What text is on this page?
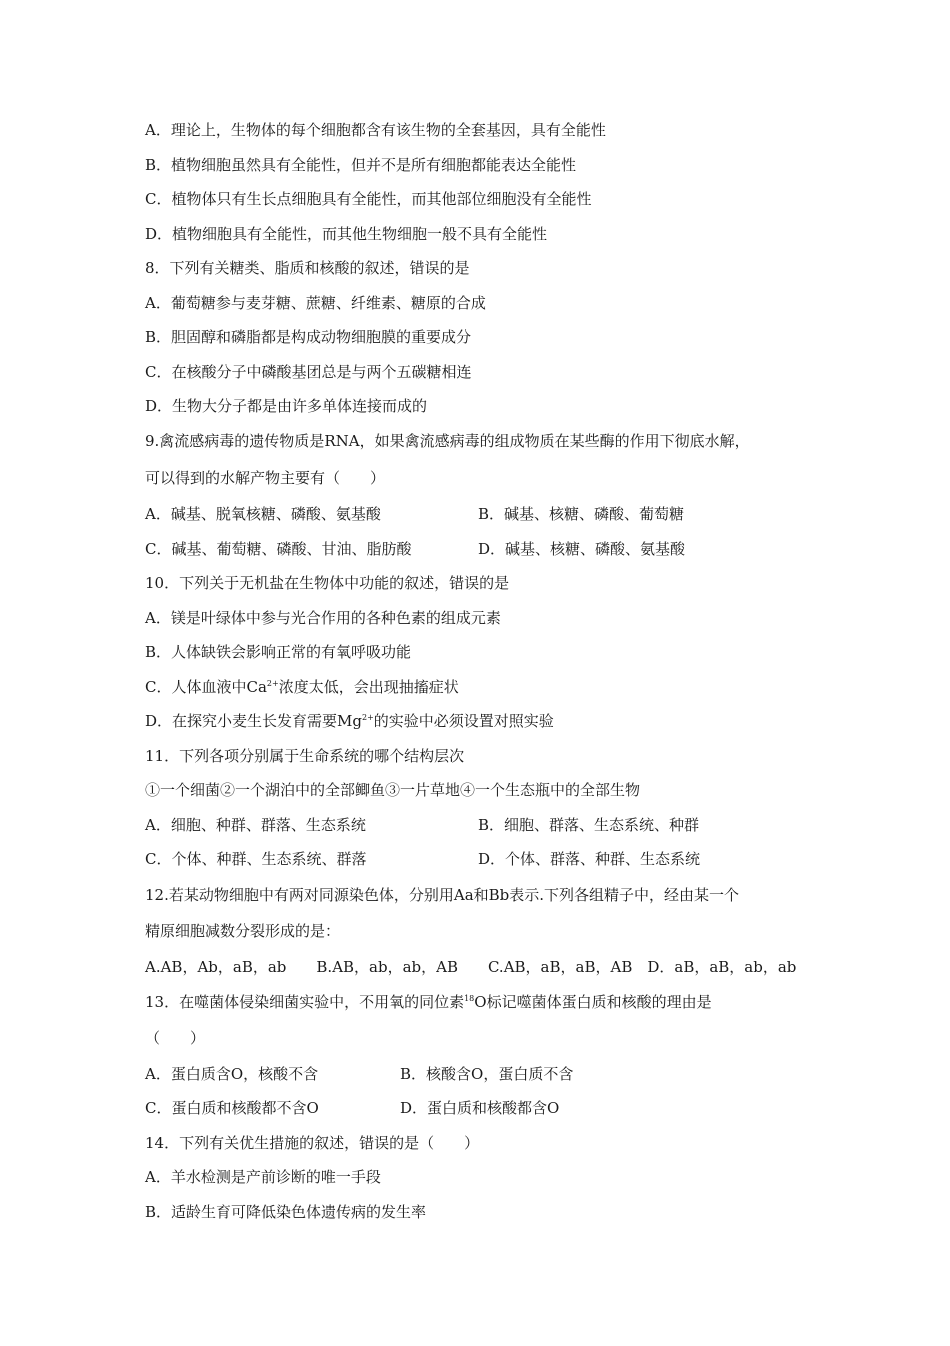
A．理论上，生物体的每个细胞都含有该生物的全套基因，具有全能性
B．植物细胞虽然具有全能性，但并不是所有细胞都能表达全能性
C．植物体只有生长点细胞具有全能性，而其他部位细胞没有全能性
D．植物细胞具有全能性，而其他生物细胞一般不具有全能性
8．下列有关糖类、脂质和核酸的叙述，错误的是
A．葡萄糖参与麦芽糖、蔗糖、纤维素、糖原的合成
B．胆固醇和磷脂都是构成动物细胞膜的重要成分
C．在核酸分子中磷酸基团总是与两个五碳糖相连
D．生物大分子都是由许多单体连接而成的
9.禽流感病毒的遗传物质是RNA，如果禽流感病毒的组成物质在某些酶的作用下彻底水解，
可以得到的水解产物主要有（　　）
A．碱基、脱氧核糖、磷酸、氨基酸	B．碱基、核糖、磷酸、葡萄糖
C．碱基、葡萄糖、磷酸、甘油、脂肪酸	D．碱基、核糖、磷酸、氨基酸
10．下列关于无机盐在生物体中功能的叙述，错误的是
A．镁是叶绿体中参与光合作用的各种色素的组成元素
B．人体缺铁会影响正常的有氧呼吸功能
C．人体血液中$Ca^{2+}$浓度太低，会出现抽搐症状
D．在探究小麦生长发育需要$Mg^{2+}$的实验中必须设置对照实验
11．下列各项分别属于生命系统的哪个结构层次
①一个细菌②一个湖泊中的全部鲫鱼③一片草地④一个生态瓶中的全部生物
A．细胞、种群、群落、生态系统	B．细胞、群落、生态系统、种群
C．个体、种群、生态系统、群落	D．个体、群落、种群、生态系统
12.若某动物细胞中有两对同源染色体，分别用Aa和Bb表示.下列各组精子中，经由某一个
精原细胞减数分裂形成的是：
A.AB，Ab，aB，ab　　B.AB，ab，ab，AB　　C.AB，aB，aB，AB　D．aB，aB，ab，ab
13．在噬菌体侵染细菌实验中，不用氧的同位素$^{18}$O标记噬菌体蛋白质和核酸的理由是
（　　）
A．蛋白质含O，核酸不含	B．核酸含O，蛋白质不含
C．蛋白质和核酸都不含O	D．蛋白质和核酸都含O
14．下列有关优生措施的叙述，错误的是（　　）
A．羊水检测是产前诊断的唯一手段
B．适龄生育可降低染色体遗传病的发生率
